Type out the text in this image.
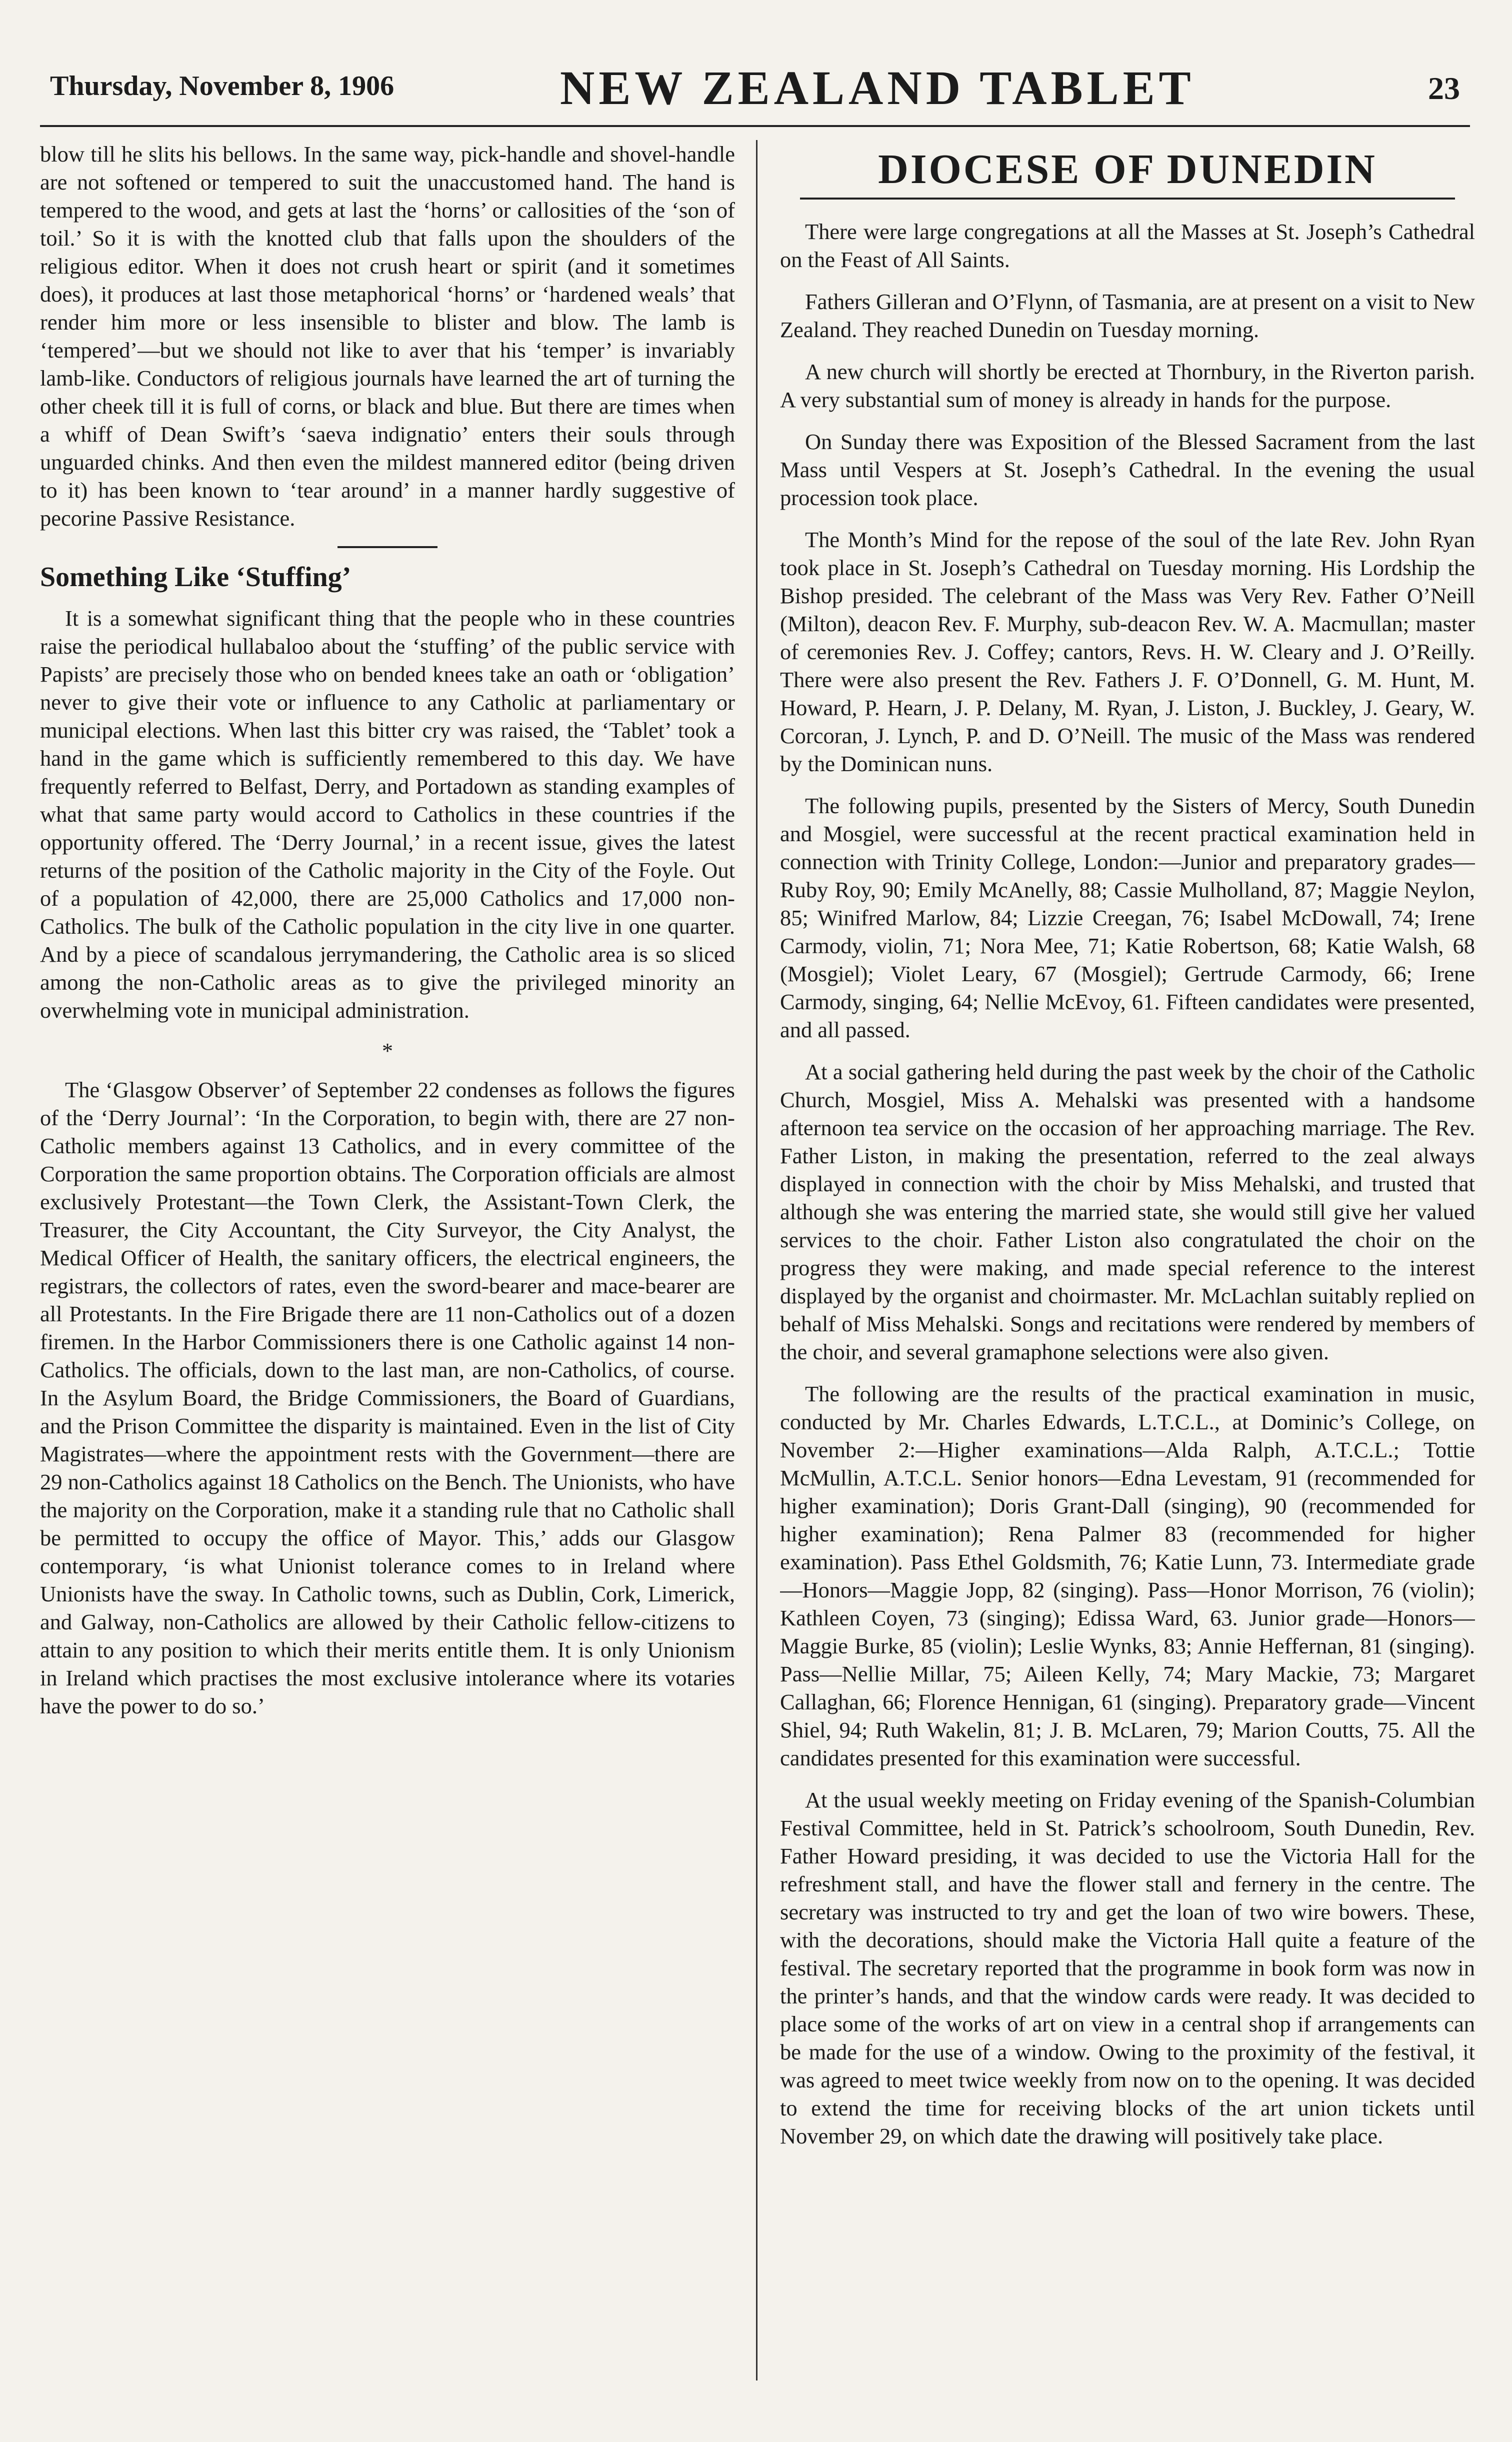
Thursday, November 8, 1906	NEW ZEALAND TABLET	23

blow till he slits his bellows. In the same way, pick-handle and shovel-handle are not softened or tempered to suit the unaccustomed hand. The hand is tempered to the wood, and gets at last the ‘horns’ or callosities of the ‘son of toil.’ So it is with the knotted club that falls upon the shoulders of the religious editor. When it does not crush heart or spirit (and it sometimes does), it produces at last those metaphorical ‘horns’ or ‘hardened weals’ that render him more or less insensible to blister and blow. The lamb is ‘tempered’—but we should not like to aver that his ‘temper’ is invariably lamb-like. Conductors of religious journals have learned the art of turning the other cheek till it is full of corns, or black and blue. But there are times when a whiff of Dean Swift’s ‘saeva indignatio’ enters their souls through unguarded chinks. And then even the mildest mannered editor (being driven to it) has been known to ‘tear around’ in a manner hardly suggestive of pecorine Passive Resistance.

Something Like ‘Stuffing’

It is a somewhat significant thing that the people who in these countries raise the periodical hullabaloo about the ‘stuffing’ of the public service with Papists’ are precisely those who on bended knees take an oath or ‘obligation’ never to give their vote or influence to any Catholic at parliamentary or municipal elections. When last this bitter cry was raised, the ‘Tablet’ took a hand in the game which is sufficiently remembered to this day. We have frequently referred to Belfast, Derry, and Portadown as standing examples of what that same party would accord to Catholics in these countries if the opportunity offered. The ‘Derry Journal,’ in a recent issue, gives the latest returns of the position of the Catholic majority in the City of the Foyle. Out of a population of 42,000, there are 25,000 Catholics and 17,000 non-Catholics. The bulk of the Catholic population in the city live in one quarter. And by a piece of scandalous jerrymandering, the Catholic area is so sliced among the non-Catholic areas as to give the privileged minority an overwhelming vote in municipal administration.

*

The ‘Glasgow Observer’ of September 22 condenses as follows the figures of the ‘Derry Journal’: ‘In the Corporation, to begin with, there are 27 non-Catholic members against 13 Catholics, and in every committee of the Corporation the same proportion obtains. The Corporation officials are almost exclusively Protestant—the Town Clerk, the Assistant-Town Clerk, the Treasurer, the City Accountant, the City Surveyor, the City Analyst, the Medical Officer of Health, the sanitary officers, the electrical engineers, the registrars, the collectors of rates, even the sword-bearer and mace-bearer are all Protestants. In the Fire Brigade there are 11 non-Catholics out of a dozen firemen. In the Harbor Commissioners there is one Catholic against 14 non-Catholics. The officials, down to the last man, are non-Catholics, of course. In the Asylum Board, the Bridge Commissioners, the Board of Guardians, and the Prison Committee the disparity is maintained. Even in the list of City Magistrates—where the appointment rests with the Government—there are 29 non-Catholics against 18 Catholics on the Bench. The Unionists, who have the majority on the Corporation, make it a standing rule that no Catholic shall be permitted to occupy the office of Mayor. This,’ adds our Glasgow contemporary, ‘is what Unionist tolerance comes to in Ireland where Unionists have the sway. In Catholic towns, such as Dublin, Cork, Limerick, and Galway, non-Catholics are allowed by their Catholic fellow-citizens to attain to any position to which their merits entitle them. It is only Unionism in Ireland which practises the most exclusive intolerance where its votaries have the power to do so.’

DIOCESE OF DUNEDIN

There were large congregations at all the Masses at St. Joseph’s Cathedral on the Feast of All Saints.

Fathers Gilleran and O’Flynn, of Tasmania, are at present on a visit to New Zealand. They reached Dunedin on Tuesday morning.

A new church will shortly be erected at Thornbury, in the Riverton parish. A very substantial sum of money is already in hands for the purpose.

On Sunday there was Exposition of the Blessed Sacrament from the last Mass until Vespers at St. Joseph’s Cathedral. In the evening the usual procession took place.

The Month’s Mind for the repose of the soul of the late Rev. John Ryan took place in St. Joseph’s Cathedral on Tuesday morning. His Lordship the Bishop presided. The celebrant of the Mass was Very Rev. Father O’Neill (Milton), deacon Rev. F. Murphy, sub-deacon Rev. W. A. Macmullan; master of ceremonies Rev. J. Coffey; cantors, Revs. H. W. Cleary and J. O’Reilly. There were also present the Rev. Fathers J. F. O’Donnell, G. M. Hunt, M. Howard, P. Hearn, J. P. Delany, M. Ryan, J. Liston, J. Buckley, J. Geary, W. Corcoran, J. Lynch, P. and D. O’Neill. The music of the Mass was rendered by the Dominican nuns.

The following pupils, presented by the Sisters of Mercy, South Dunedin and Mosgiel, were successful at the recent practical examination held in connection with Trinity College, London:—Junior and preparatory grades—Ruby Roy, 90; Emily McAnelly, 88; Cassie Mulholland, 87; Maggie Neylon, 85; Winifred Marlow, 84; Lizzie Creegan, 76; Isabel McDowall, 74; Irene Carmody, violin, 71; Nora Mee, 71; Katie Robertson, 68; Katie Walsh, 68 (Mosgiel); Violet Leary, 67 (Mosgiel); Gertrude Carmody, 66; Irene Carmody, singing, 64; Nellie McEvoy, 61. Fifteen candidates were presented, and all passed.

At a social gathering held during the past week by the choir of the Catholic Church, Mosgiel, Miss A. Mehalski was presented with a handsome afternoon tea service on the occasion of her approaching marriage. The Rev. Father Liston, in making the presentation, referred to the zeal always displayed in connection with the choir by Miss Mehalski, and trusted that although she was entering the married state, she would still give her valued services to the choir. Father Liston also congratulated the choir on the progress they were making, and made special reference to the interest displayed by the organist and choirmaster. Mr. McLachlan suitably replied on behalf of Miss Mehalski. Songs and recitations were rendered by members of the choir, and several gramaphone selections were also given.

The following are the results of the practical examination in music, conducted by Mr. Charles Edwards, L.T.C.L., at Dominic’s College, on November 2:—Higher examinations—Alda Ralph, A.T.C.L.; Tottie McMullin, A.T.C.L. Senior honors—Edna Levestam, 91 (recommended for higher examination); Doris Grant-Dall (singing), 90 (recommended for higher examination); Rena Palmer 83 (recommended for higher examination). Pass Ethel Goldsmith, 76; Katie Lunn, 73. Intermediate grade —Honors—Maggie Jopp, 82 (singing). Pass—Honor Morrison, 76 (violin); Kathleen Coyen, 73 (singing); Edissa Ward, 63. Junior grade—Honors—Maggie Burke, 85 (violin); Leslie Wynks, 83; Annie Heffernan, 81 (singing). Pass—Nellie Millar, 75; Aileen Kelly, 74; Mary Mackie, 73; Margaret Callaghan, 66; Florence Hennigan, 61 (singing). Preparatory grade—Vincent Shiel, 94; Ruth Wakelin, 81; J. B. McLaren, 79; Marion Coutts, 75. All the candidates presented for this examination were successful.

At the usual weekly meeting on Friday evening of the Spanish-Columbian Festival Committee, held in St. Patrick’s schoolroom, South Dunedin, Rev. Father Howard presiding, it was decided to use the Victoria Hall for the refreshment stall, and have the flower stall and fernery in the centre. The secretary was instructed to try and get the loan of two wire bowers. These, with the decorations, should make the Victoria Hall quite a feature of the festival. The secretary reported that the programme in book form was now in the printer’s hands, and that the window cards were ready. It was decided to place some of the works of art on view in a central shop if arrangements can be made for the use of a window. Owing to the proximity of the festival, it was agreed to meet twice weekly from now on to the opening. It was decided to extend the time for receiving blocks of the art union tickets until November 29, on which date the drawing will positively take place.
